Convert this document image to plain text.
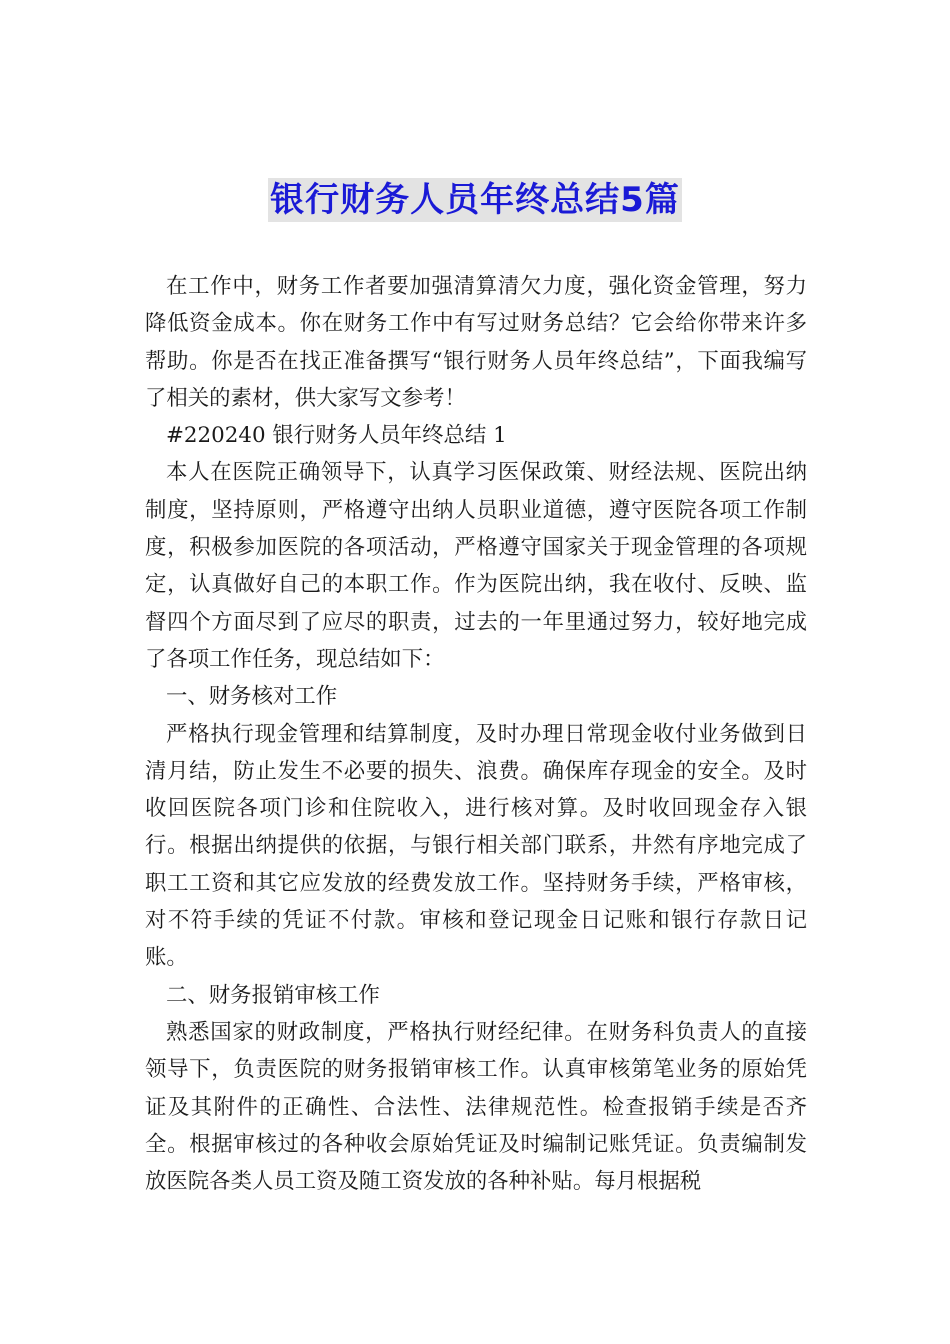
银行财务人员年终总结5篇

在工作中，财务工作者要加强清算清欠力度，强化资金管理，努力降低资金成本。你在财务工作中有写过财务总结？它会给你带来许多帮助。你是否在找正准备撰写“银行财务人员年终总结”，下面我编写了相关的素材，供大家写文参考！

#220240 银行财务人员年终总结 1

本人在医院正确领导下，认真学习医保政策、财经法规、医院出纳制度，坚持原则，严格遵守出纳人员职业道德，遵守医院各项工作制度，积极参加医院的各项活动，严格遵守国家关于现金管理的各项规定，认真做好自己的本职工作。作为医院出纳，我在收付、反映、监督四个方面尽到了应尽的职责，过去的一年里通过努力，较好地完成了各项工作任务，现总结如下：

一、财务核对工作

严格执行现金管理和结算制度，及时办理日常现金收付业务做到日清月结，防止发生不必要的损失、浪费。确保库存现金的安全。及时收回医院各项门诊和住院收入，进行核对算。及时收回现金存入银行。根据出纳提供的依据，与银行相关部门联系，井然有序地完成了职工工资和其它应发放的经费发放工作。坚持财务手续，严格审核，对不符手续的凭证不付款。审核和登记现金日记账和银行存款日记账。

二、财务报销审核工作

熟悉国家的财政制度，严格执行财经纪律。在财务科负责人的直接领导下，负责医院的财务报销审核工作。认真审核第笔业务的原始凭证及其附件的正确性、合法性、法律规范性。检查报销手续是否齐全。根据审核过的各种收会原始凭证及时编制记账凭证。负责编制发放医院各类人员工资及随工资发放的各种补贴。每月根据税
